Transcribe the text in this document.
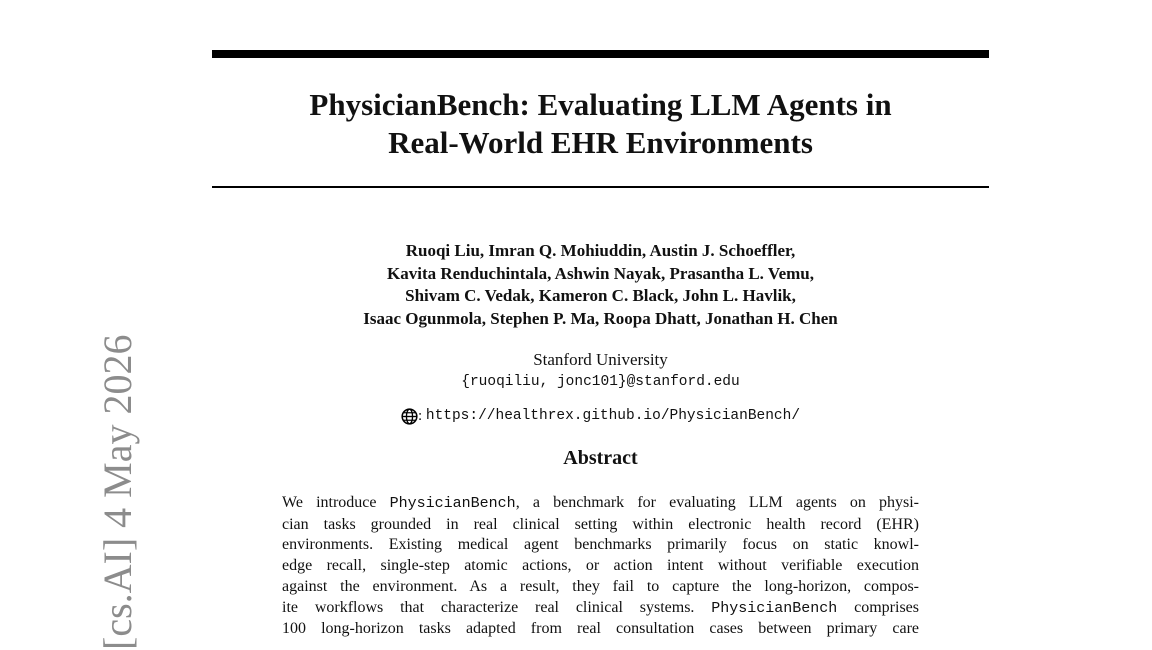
PhysicianBench: Evaluating LLM Agents in
Real-World EHR Environments
Ruoqi Liu, Imran Q. Mohiuddin, Austin J. Schoeffler,
Kavita Renduchintala, Ashwin Nayak, Prasantha L. Vemu,
Shivam C. Vedak, Kameron C. Black, John L. Havlik,
Isaac Ogunmola, Stephen P. Ma, Roopa Dhatt, Jonathan H. Chen
Stanford University
{ruoqiliu, jonc101}@stanford.edu
:
https://healthrex.github.io/PhysicianBench/
Abstract
We introduce PhysicianBench, a benchmark for evaluating LLM agents on physi-
cian tasks grounded in real clinical setting within electronic health record (EHR)
environments. Existing medical agent benchmarks primarily focus on static knowl-
edge recall, single-step atomic actions, or action intent without verifiable execution
against the environment. As a result, they fail to capture the long-horizon, compos-
ite workflows that characterize real clinical systems. PhysicianBench comprises
100 long-horizon tasks adapted from real consultation cases between primary care
[cs.AI] 4 May 2026
